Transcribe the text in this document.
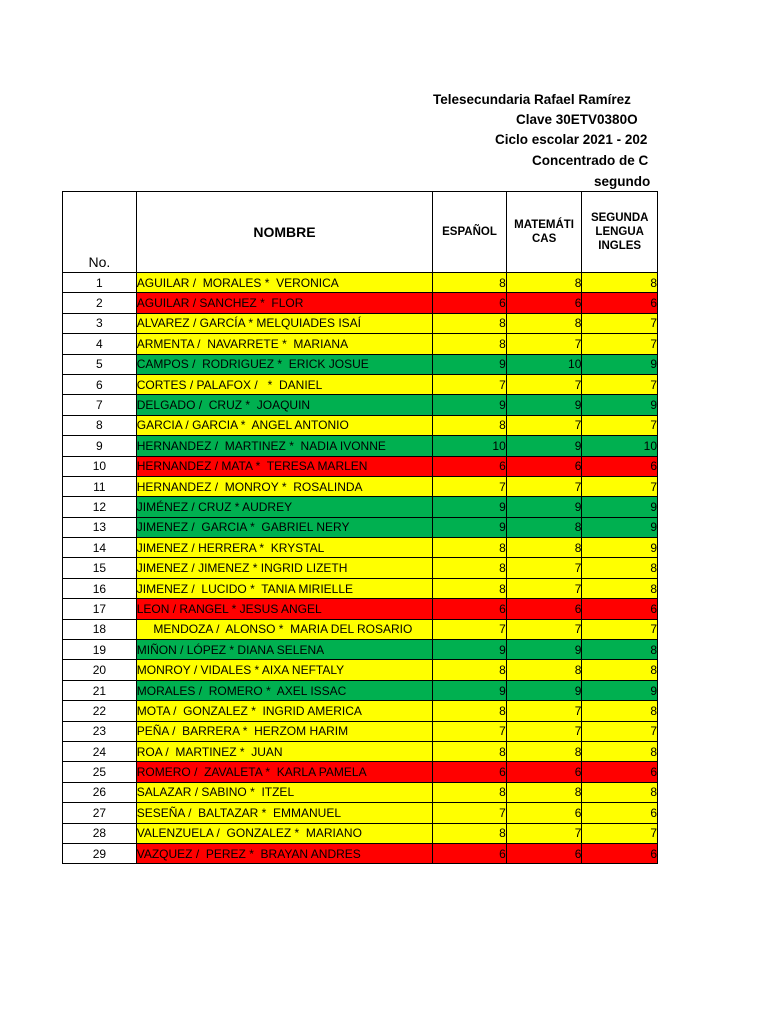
Telesecundaria Rafael Ramírez
Clave 30ETV0380O
Ciclo escolar 2021 - 202
Concentrado de C
segundo
No.	NOMBRE	ESPAÑOL	MATEMÁTI CAS	SEGUNDA LENGUA INGLES
1	AGUILAR /  MORALES *  VERONICA	8	8	8
2	AGUILAR / SANCHEZ *  FLOR	6	6	6
3	ALVAREZ / GARCÍA * MELQUIADES ISAÍ	8	8	7
4	ARMENTA /  NAVARRETE *  MARIANA	8	7	7
5	CAMPOS /  RODRIGUEZ *  ERICK JOSUE	9	10	9
6	CORTES / PALAFOX /   *  DANIEL	7	7	7
7	DELGADO /  CRUZ *  JOAQUIN	9	9	9
8	GARCIA / GARCIA *  ANGEL ANTONIO	8	7	7
9	HERNANDEZ /  MARTINEZ *  NADIA IVONNE	10	9	10
10	HERNANDEZ / MATA *  TERESA MARLEN	6	6	6
11	HERNANDEZ /  MONROY *  ROSALINDA	7	7	7
12	JIMÉNEZ / CRUZ * AUDREY	9	9	9
13	JIMENEZ /  GARCIA *  GABRIEL NERY	9	8	9
14	JIMENEZ / HERRERA *  KRYSTAL	8	8	9
15	JIMENEZ / JIMENEZ * INGRID LIZETH	8	7	8
16	JIMENEZ /  LUCIDO *  TANIA MIRIELLE	8	7	8
17	LEON / RANGEL * JESUS ANGEL	6	6	6
18	MENDOZA /  ALONSO *  MARIA DEL ROSARIO	7	7	7
19	MIÑON / LÓPEZ * DIANA SELENA	9	9	8
20	MONROY / VIDALES * AIXA NEFTALY	8	8	8
21	MORALES /  ROMERO *  AXEL ISSAC	9	9	9
22	MOTA /  GONZALEZ *  INGRID AMERICA	8	7	8
23	PEÑA /  BARRERA *  HERZOM HARIM	7	7	7
24	ROA /  MARTINEZ *  JUAN	8	8	8
25	ROMERO /  ZAVALETA *  KARLA PAMELA	6	6	6
26	SALAZAR / SABINO *  ITZEL	8	8	8
27	SESEÑA /  BALTAZAR *  EMMANUEL	7	6	6
28	VALENZUELA /  GONZALEZ *  MARIANO	8	7	7
29	VAZQUEZ /  PEREZ *  BRAYAN ANDRES	6	6	6
